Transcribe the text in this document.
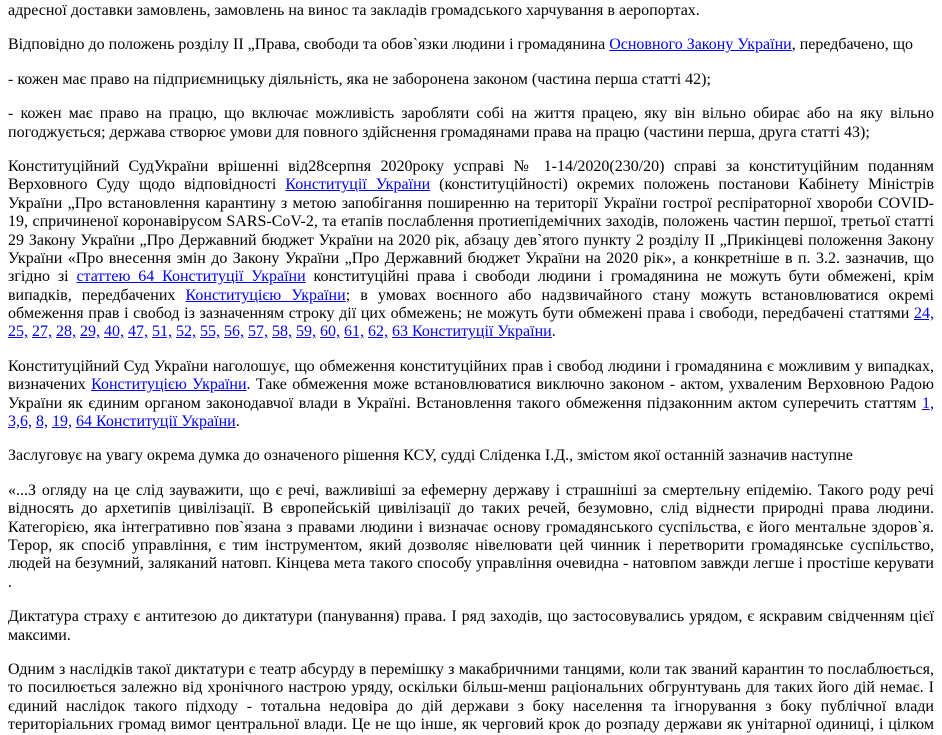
адресної доставки замовлень, замовлень на винос та закладів громадського харчування в аеропортах.

Відповідно до положень розділу ІІ „Права, свободи та обов`язки людини і громадянина Основного Закону України, передбачено, що

- кожен має право на підприємницьку діяльність, яка не заборонена законом (частина перша статті 42);

- кожен має право на працю, що включає можливість заробляти собі на життя працею, яку він вільно обирає або на яку вільно погоджується; держава створює умови для повного здійснення громадянами права на працю (частини перша, друга статті 43);

Конституційний СудУкраїни врішенні від28серпня 2020року усправі № 1-14/2020(230/20) справі за конституційним поданням Верховного Суду щодо відповідності Конституції України (конституційності) окремих положень постанови Кабінету Міністрів України „Про встановлення карантину з метою запобігання поширенню на території України гострої респіраторної хвороби COVID-19, спричиненої коронавірусом SARS-CoV-2, та етапів послаблення протиепідемічних заходів, положень частин першої, третьої статті 29 Закону України „Про Державний бюджет України на 2020 рік, абзацу дев`ятого пункту 2 розділу ІІ „Прикінцеві положення Закону України «Про внесення змін до Закону України „Про Державний бюджет України на 2020 рік», а конкретніше в п. 3.2. зазначив, що згідно зі статтею 64 Конституції України конституційні права і свободи людини і громадянина не можуть бути обмежені, крім випадків, передбачених Конституцією України; в умовах воєнного або надзвичайного стану можуть встановлюватися окремі обмеження прав і свобод із зазначенням строку дії цих обмежень; не можуть бути обмежені права і свободи, передбачені статтями 24, 25, 27, 28, 29, 40, 47, 51, 52, 55, 56, 57, 58, 59, 60, 61, 62, 63 Конституції України.

Конституційний Суд України наголошує, що обмеження конституційних прав і свобод людини і громадянина є можливим у випадках, визначених Конституцією України. Таке обмеження може встановлюватися виключно законом - актом, ухваленим Верховною Радою України як єдиним органом законодавчої влади в Україні. Встановлення такого обмеження підзаконним актом суперечить статтям 1, 3,6, 8, 19, 64 Конституції України.

Заслуговує на увагу окрема думка до означеного рішення КСУ, судді Сліденка І.Д., змістом якої останній зазначив наступне

«...З огляду на це слід зауважити, що є речі, важливіші за ефемерну державу і страшніші за смертельну епідемію. Такого роду речі відносять до архетипів цивілізації. В європейській цивілізації до таких речей, безумовно, слід віднести природні права людини. Категорією, яка інтегративно пов`язана з правами людини і визначає основу громадянського суспільства, є його ментальне здоров`я. Терор, як спосіб управління, є тим інструментом, який дозволяє нівелювати цей чинник і перетворити громадянське суспільство, людей на безумний, заляканий натовп. Кінцева мета такого способу управління очевидна - натовпом завжди легше і простіше керувати .

Диктатура страху є антитезою до диктатури (панування) права. І ряд заходів, що застосовувались урядом, є яскравим свідченням цієї максими.

Одним з наслідків такої диктатури є театр абсурду в перемішку з макабричними танцями, коли так званий карантин то послаблюється, то посилюється залежно від хронічного настрою уряду, оскільки більш-менш раціональних обгрунтувань для таких його дій немає. І єдиний наслідок такого підходу - тотальна недовіра до дій держави з боку населення та ігнорування з боку публічної влади територіальних громад вимог центральної влади. Це не що інше, як черговий крок до розпаду держави як унітарної одиниці, і цілком
